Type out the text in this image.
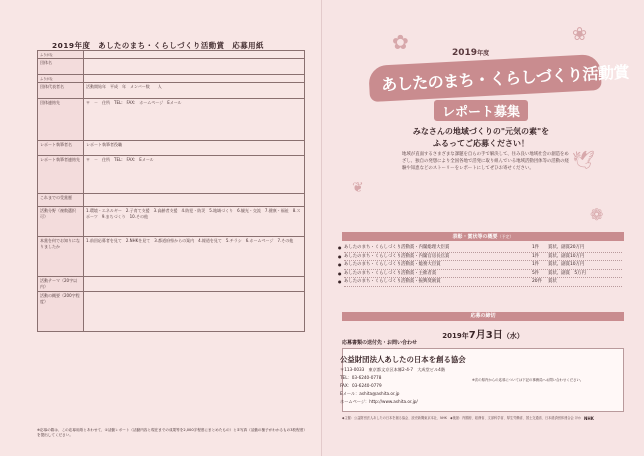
2019年度　あしたのまち・くらしづくり活動賞　応募用紙
ふりがな	
団体名	
ふりがな	
団体代表者名	活動開始年　平成　年　メンバー数　　人
団体連絡先	〒　－　住所　TEL:　FAX:　ホームページ　Eメール
レポート執筆者名	レポート執筆者役職
レポート執筆者連絡先	〒　－　住所　TEL:　FAX:　Eメール
これまでの受賞歴	
活動分野（複数選択可）	1.環境・エネルギー　2.子育て支援　3.高齢者支援　4.防犯・防災　5.地域づくり　6.観光・交流　7.健康・福祉　8.スポーツ　9.まちづくり　10.その他
本賞を何でお知りになりましたか	1.前回応募者を見て　2.NHKを見て　3.都道府県からの案内　4.報道を見て　5.チラシ　6.ホームページ　7.その他
活動テーマ（20字以内）	
活動の概要（200字程度）	
※応募の際は、この応募用紙とあわせて、①活動レポート（活動内容と現在までの成果等を2,000字程度にまとめたもの）と②写真（活動の様子がわかるもの3枚程度）を提出してください。
✿	❀
🕊
❦
❁
2019年度
あしたのまち・くらしづくり活動賞
レポート募集
みなさんの地域づくりの"元気の素"を
ふるってご応募ください！
地域が直面するさまざまな課題を自らの手で解決して、住み良い地域社会の創造をめざし、独自の発想により全国各地で活発に取り組んでいる地域活動団体等の活動の経験や知恵などのストーリーをレポートにしてぜひお寄せください。
表彰・賞状等の概要（予定）
あしたのまち・くらしづくり活動賞・内閣総理大臣賞	1件 賞状、副賞20万円
●
あしたのまち・くらしづくり活動賞・内閣官房長官賞	1件 賞状、副賞10万円
●
あしたのまち・くらしづくり活動賞・総務大臣賞	1件 賞状、副賞10万円
●
あしたのまち・くらしづくり活動賞・主催者賞	5件 賞状、副賞　5万円
●
あしたのまち・くらしづくり活動賞・振興奨励賞	20件 賞状
●
応募の締切
2019年7月3日（水）
応募書類の送付先・お問い合わせ
公益財団法人あしたの日本を創る協会
〒113-0033　東京都文京区本郷2-4-7　大成堂ビル4階
TEL：03-6240-0778
FAX：03-6240-0779
Eメール：ashita@ashita.or.jp
ホームページ：http://www.ashita.or.jp/
※次の県内からの応募については下記の事務局へお問い合わせください。
◆主催：公益財団法人あしたの日本を創る協会、読売新聞東京本社、NHK　◆後援：内閣府、総務省、文部科学省、厚生労働省、国土交通省、日本経済団体連合会 ほか NHK
